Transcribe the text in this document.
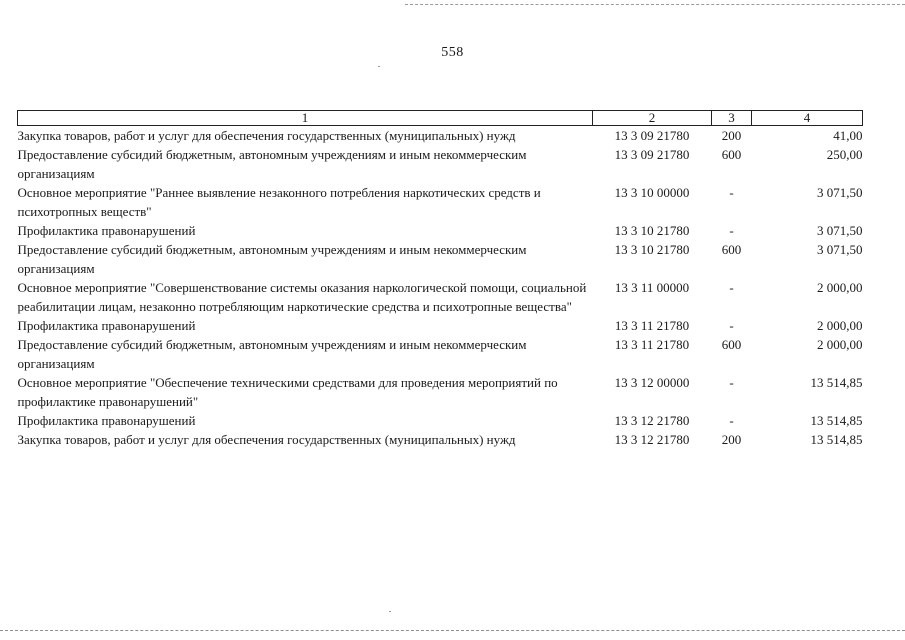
558
1	2	3	4
Закупка товаров, работ и услуг для обеспечения государственных (муниципальных) нужд	13 3 09 21780	200	41,00
Предоставление субсидий бюджетным, автономным учреждениям и иным некоммерческим организациям	13 3 09 21780	600	250,00
Основное мероприятие "Раннее выявление незаконного потребления наркотических средств и психотропных веществ"	13 3 10 00000	-	3 071,50
Профилактика правонарушений	13 3 10 21780	-	3 071,50
Предоставление субсидий бюджетным, автономным учреждениям и иным некоммерческим организациям	13 3 10 21780	600	3 071,50
Основное мероприятие "Совершенствование системы оказания наркологической помощи, социальной реабилитации лицам, незаконно потребляющим наркотические средства и психотропные вещества"	13 3 11 00000	-	2 000,00
Профилактика правонарушений	13 3 11 21780	-	2 000,00
Предоставление субсидий бюджетным, автономным учреждениям и иным некоммерческим организациям	13 3 11 21780	600	2 000,00
Основное мероприятие "Обеспечение техническими средствами для проведения мероприятий по профилактике правонарушений"	13 3 12 00000	-	13 514,85
Профилактика правонарушений	13 3 12 21780	-	13 514,85
Закупка товаров, работ и услуг для обеспечения государственных (муниципальных) нужд	13 3 12 21780	200	13 514,85
